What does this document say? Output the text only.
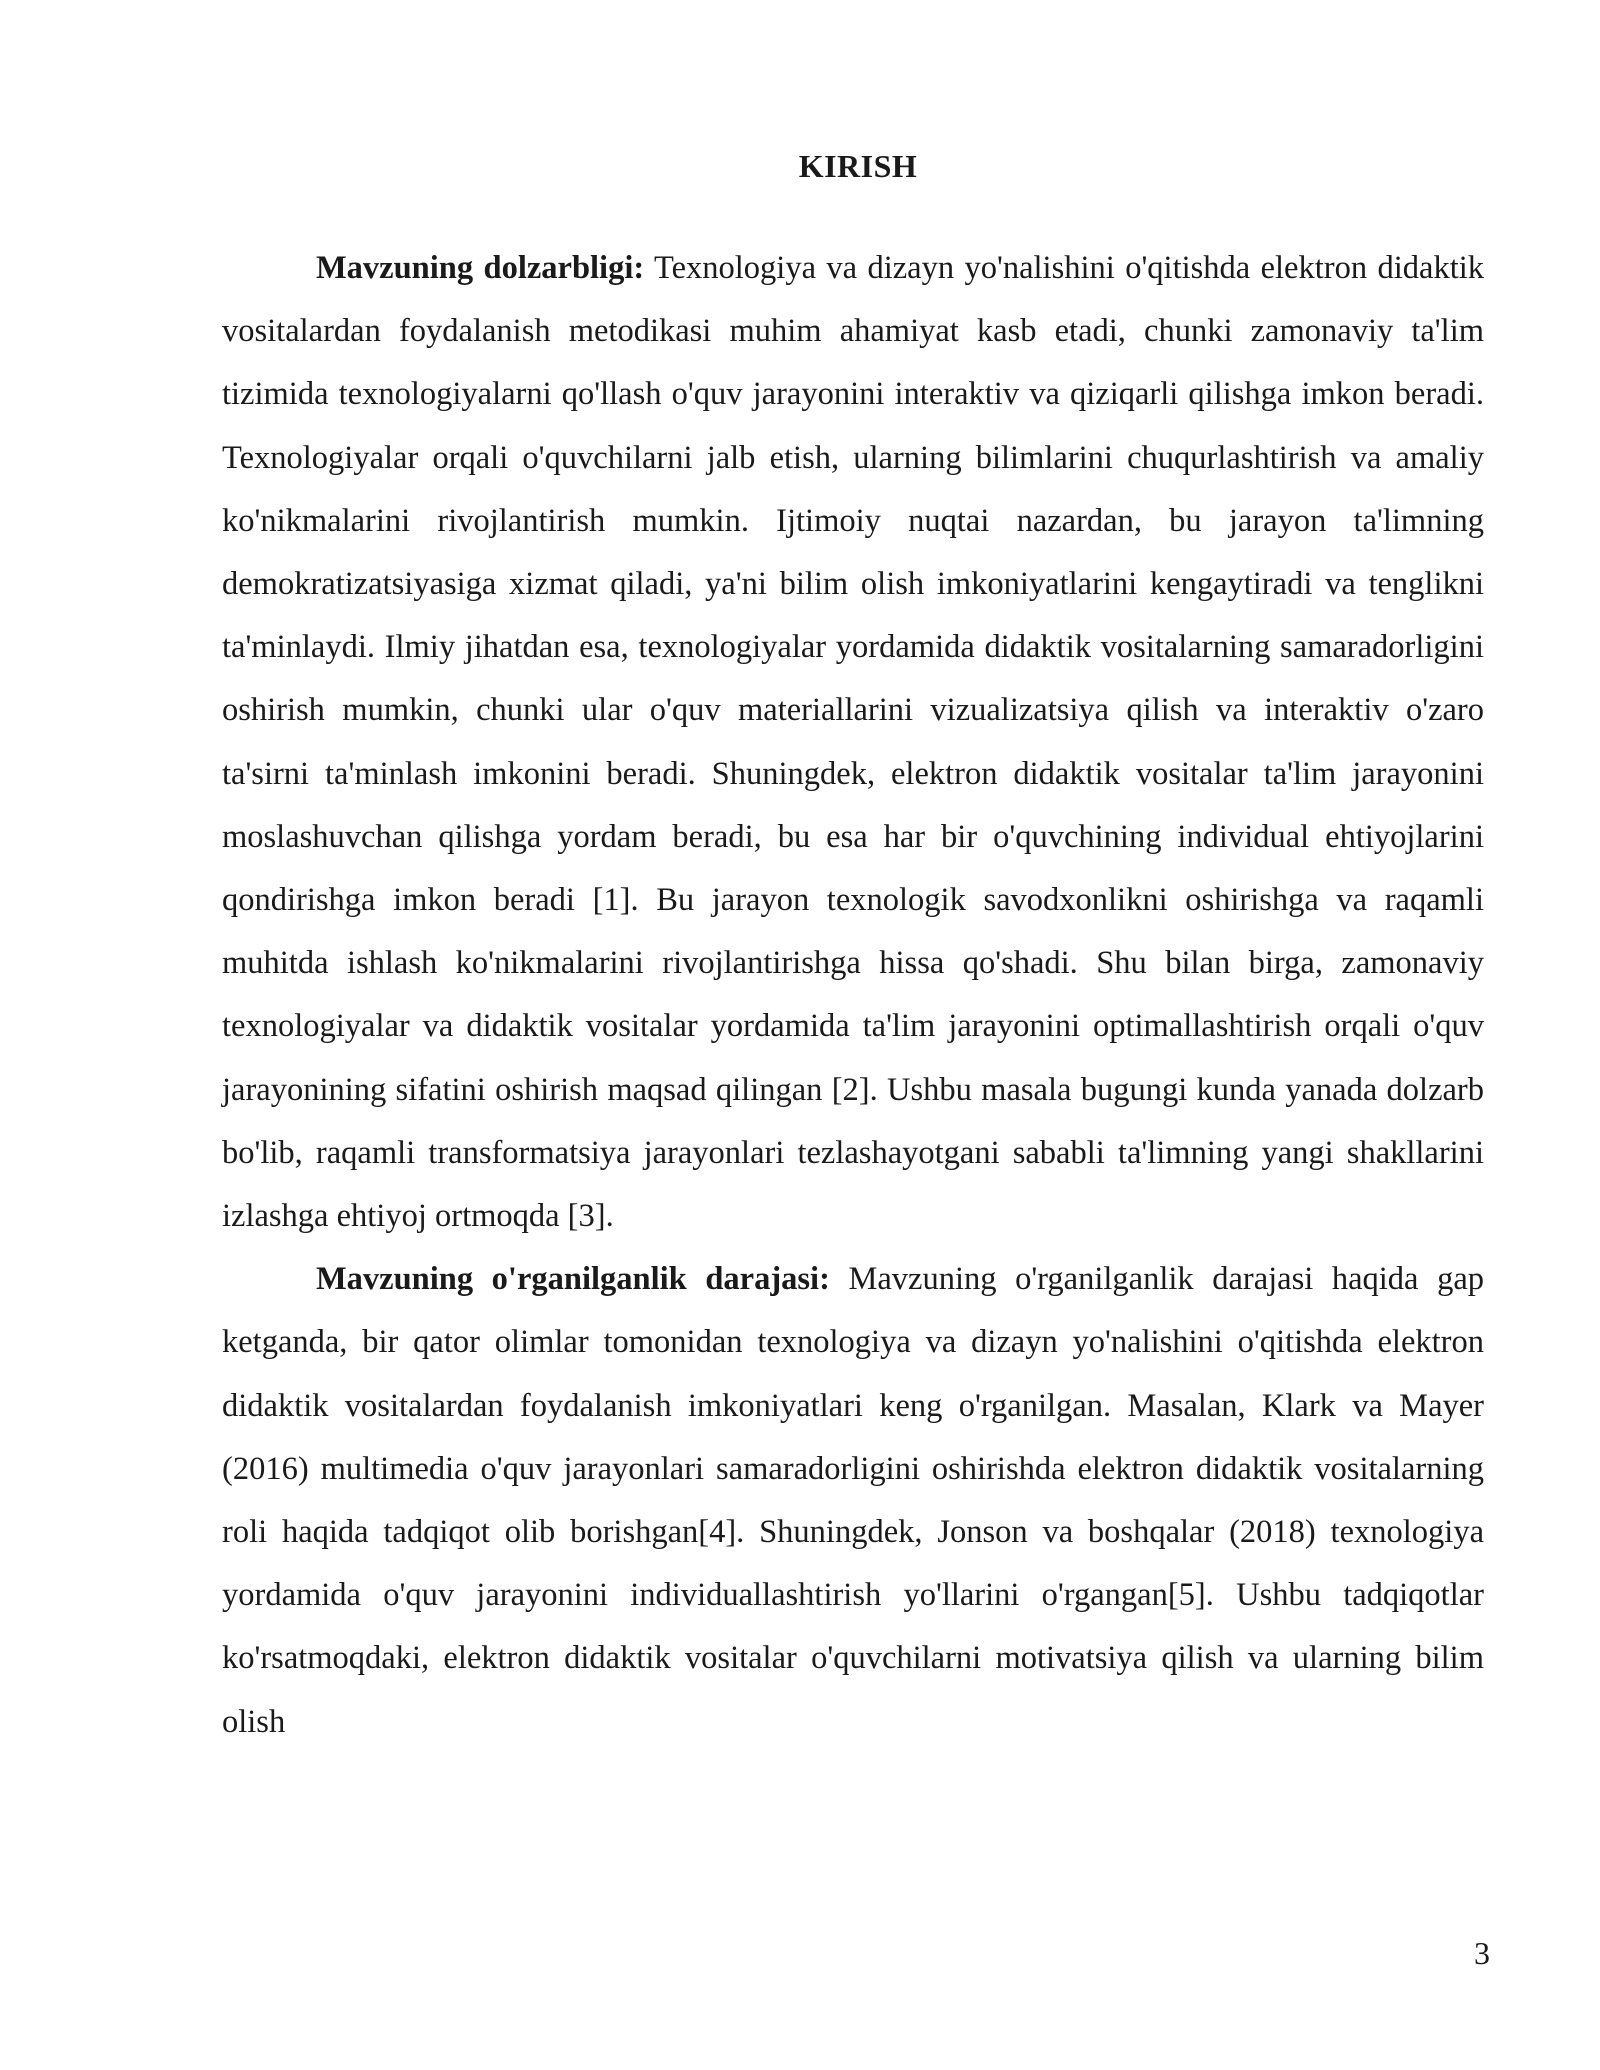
KIRISH

Mavzuning dolzarbligi: Texnologiya va dizayn yo'nalishini o'qitishda elektron didaktik vositalardan foydalanish metodikasi muhim ahamiyat kasb etadi, chunki zamonaviy ta'lim tizimida texnologiyalarni qo'llash o'quv jarayonini interaktiv va qiziqarli qilishga imkon beradi. Texnologiyalar orqali o'quvchilarni jalb etish, ularning bilimlarini chuqurlashtirish va amaliy ko'nikmalarini rivojlantirish mumkin. Ijtimoiy nuqtai nazardan, bu jarayon ta'limning demokratizatsiyasiga xizmat qiladi, ya'ni bilim olish imkoniyatlarini kengaytiradi va tenglikni ta'minlaydi. Ilmiy jihatdan esa, texnologiyalar yordamida didaktik vositalarning samaradorligini oshirish mumkin, chunki ular o'quv materiallarini vizualizatsiya qilish va interaktiv o'zaro ta'sirni ta'minlash imkonini beradi. Shuningdek, elektron didaktik vositalar ta'lim jarayonini moslashuvchan qilishga yordam beradi, bu esa har bir o'quvchining individual ehtiyojlarini qondirishga imkon beradi [1]. Bu jarayon texnologik savodxonlikni oshirishga va raqamli muhitda ishlash ko'nikmalarini rivojlantirishga hissa qo'shadi. Shu bilan birga, zamonaviy texnologiyalar va didaktik vositalar yordamida ta'lim jarayonini optimallashtirish orqali o'quv jarayonining sifatini oshirish maqsad qilingan [2]. Ushbu masala bugungi kunda yanada dolzarb bo'lib, raqamli transformatsiya jarayonlari tezlashayotgani sababli ta'limning yangi shakllarini izlashga ehtiyoj ortmoqda [3].

Mavzuning o'rganilganlik darajasi: Mavzuning o'rganilganlik darajasi haqida gap ketganda, bir qator olimlar tomonidan texnologiya va dizayn yo'nalishini o'qitishda elektron didaktik vositalardan foydalanish imkoniyatlari keng o'rganilgan. Masalan, Klark va Mayer (2016) multimedia o'quv jarayonlari samaradorligini oshirishda elektron didaktik vositalarning roli haqida tadqiqot olib borishgan[4]. Shuningdek, Jonson va boshqalar (2018) texnologiya yordamida o'quv jarayonini individuallashtirish yo'llarini o'rgangan[5]. Ushbu tadqiqotlar ko'rsatmoqdaki, elektron didaktik vositalar o'quvchilarni motivatsiya qilish va ularning bilim olish

3
